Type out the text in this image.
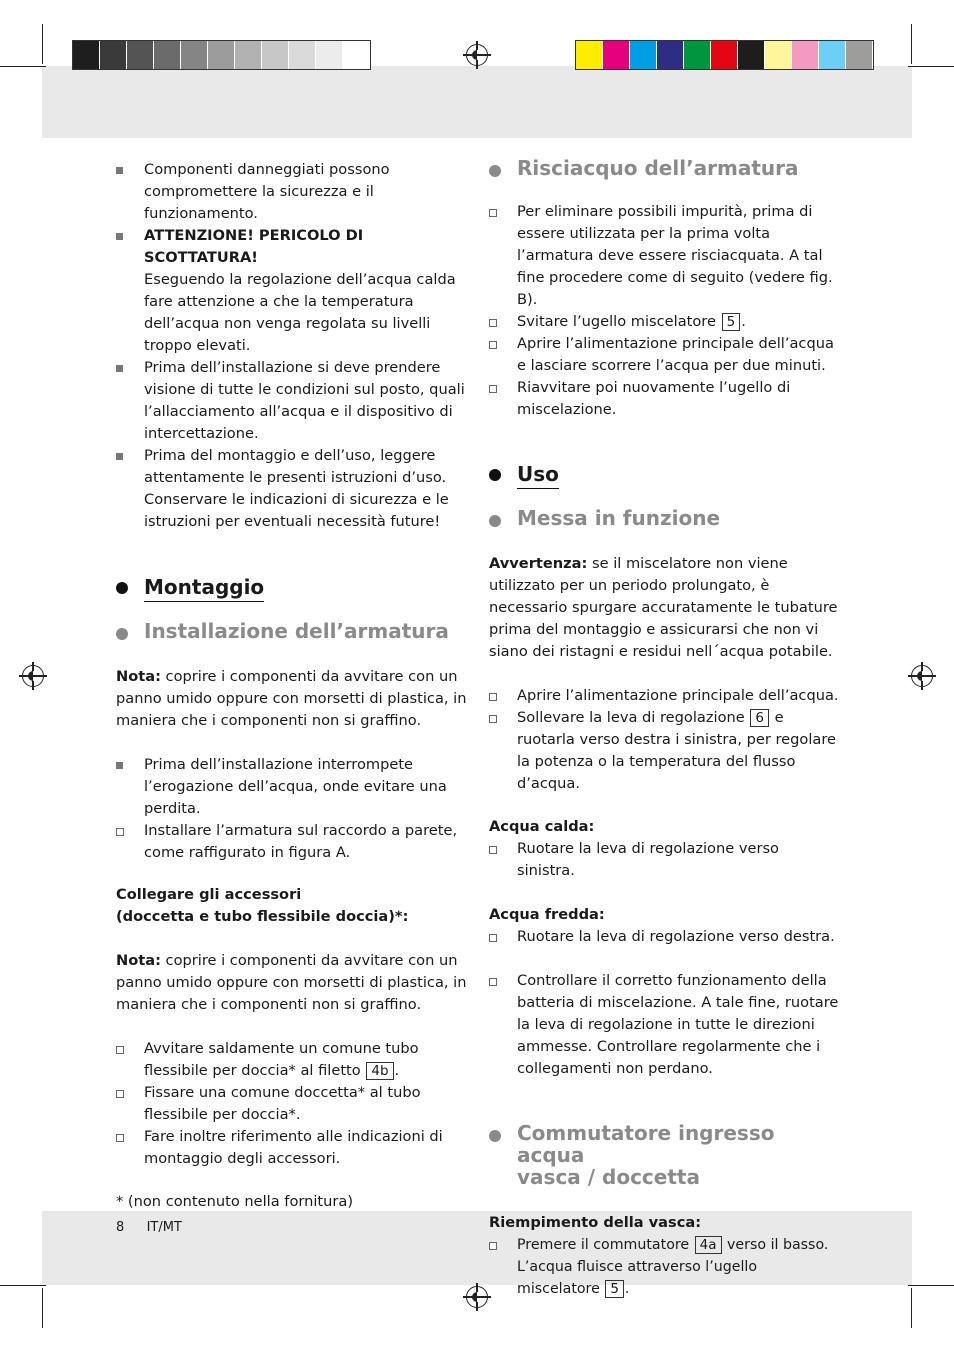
Componenti danneggiati possono compromettere la sicurezza e il funzionamento.
ATTENZIONE! PERICOLO DI SCOTTATURA!
Eseguendo la regolazione dell’acqua calda fare attenzione a che la temperatura dell’acqua non venga regolata su livelli troppo elevati.
Prima dell’installazione si deve prendere visione di tutte le condizioni sul posto, quali l’allacciamento all’acqua e il dispositivo di intercettazione.
Prima del montaggio e dell’uso, leggere attentamente le presenti istruzioni d’uso. Conservare le indicazioni di sicurezza e le istruzioni per eventuali necessità future!
Montaggio
Installazione dell’armatura
Nota: coprire i componenti da avvitare con un panno umido oppure con morsetti di plastica, in maniera che i componenti non si graffino.
Prima dell’installazione interrompete l’erogazione dell’acqua, onde evitare una perdita.
Installare l’armatura sul raccordo a parete, come raffigurato in figura A.
Collegare gli accessori
(doccetta e tubo flessibile doccia)*:
Nota: coprire i componenti da avvitare con un panno umido oppure con morsetti di plastica, in maniera che i componenti non si graffino.
Avvitare saldamente un comune tubo flessibile per doccia* al filetto 4b .
Fissare una comune doccetta* al tubo flessibile per doccia*.
Fare inoltre riferimento alle indicazioni di montaggio degli accessori.
* (non contenuto nella fornitura)
Risciacquo dell’armatura
Per eliminare possibili impurità, prima di essere utilizzata per la prima volta l’armatura deve essere risciacquata. A tal fine procedere come di seguito (vedere fig. B).
Svitare l’ugello miscelatore 5 .
Aprire l’alimentazione principale dell’acqua e lasciare scorrere l’acqua per due minuti.
Riavvitare poi nuovamente l’ugello di miscelazione.
Uso
Messa in funzione
Avvertenza: se il miscelatore non viene utilizzato per un periodo prolungato, è necessario spurgare accuratamente le tubature prima del montaggio e assicurarsi che non vi siano dei ristagni e residui nell´acqua potabile.
Aprire l’alimentazione principale dell’acqua.
Sollevare la leva di regolazione 6 e ruotarla verso destra i sinistra, per regolare la potenza o la temperatura del flusso d’acqua.
Acqua calda:
Ruotare la leva di regolazione verso sinistra.
Acqua fredda:
Ruotare la leva di regolazione verso destra.
Controllare il corretto funzionamento della batteria di miscelazione. A tale fine, ruotare la leva di regolazione in tutte le direzioni ammesse. Controllare regolarmente che i collegamenti non perdano.
Commutatore ingresso acqua
vasca / doccetta
Riempimento della vasca:
Premere il commutatore 4a verso il basso. L’acqua fluisce attraverso l’ugello miscelatore 5 .
8 IT/MT
